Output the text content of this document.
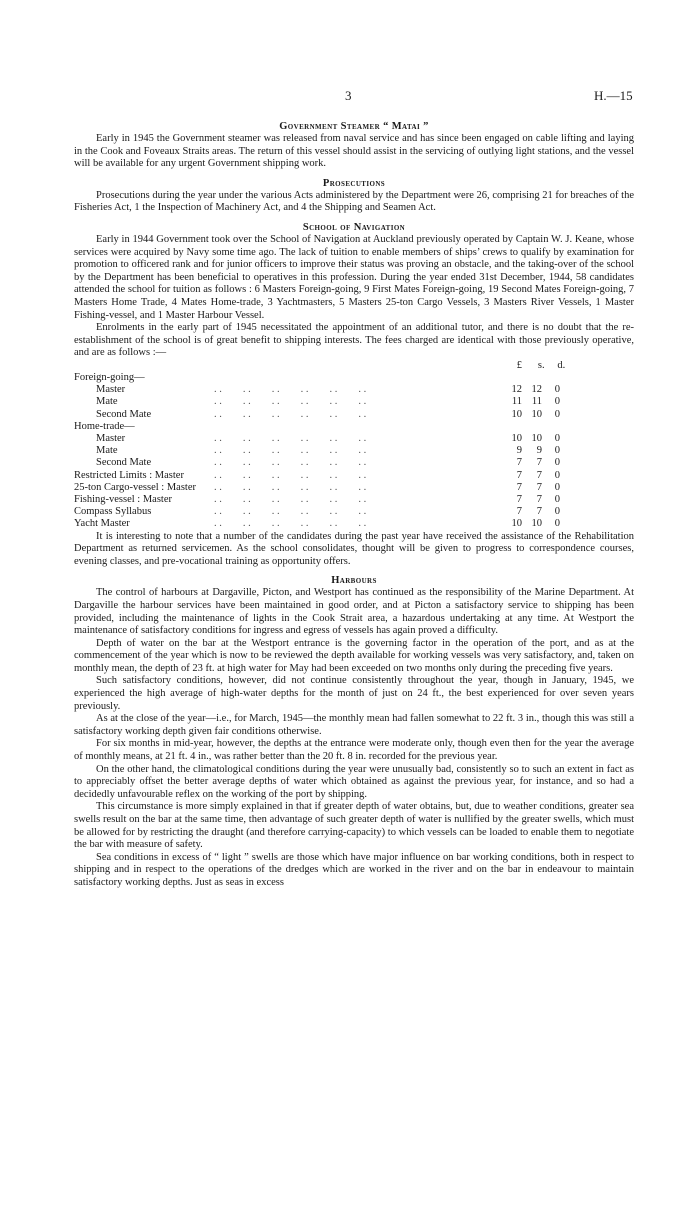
3	H.—15
Government Steamer “ Matai ”

Early in 1945 the Government steamer was released from naval service and has since been engaged on cable lifting and laying in the Cook and Foveaux Straits areas. The return of this vessel should assist in the servicing of outlying light stations, and the vessel will be available for any urgent Government shipping work.

Prosecutions

Prosecutions during the year under the various Acts administered by the Department were 26, comprising 21 for breaches of the Fisheries Act, 1 the Inspection of Machinery Act, and 4 the Shipping and Seamen Act.

School of Navigation

Early in 1944 Government took over the School of Navigation at Auckland previously operated by Captain W. J. Keane, whose services were acquired by Navy some time ago. The lack of tuition to enable members of ships’ crews to qualify by examination for promotion to officered rank and for junior officers to improve their status was proving an obstacle, and the taking-over of the school by the Department has been beneficial to operatives in this profession. During the year ended 31st December, 1944, 58 candidates attended the school for tuition as follows : 6 Masters Foreign-going, 9 First Mates Foreign-going, 19 Second Mates Foreign-going, 7 Masters Home Trade, 4 Mates Home-trade, 3 Yachtmasters, 5 Masters 25-ton Cargo Vessels, 3 Masters River Vessels, 1 Master Fishing-vessel, and 1 Master Harbour Vessel.

Enrolments in the early part of 1945 necessitated the appointment of an additional tutor, and there is no doubt that the re-establishment of the school is of great benefit to shipping interests. The fees charged are identical with those previously operative, and are as follows :—

£ s. d.
Foreign-going—
Master	. .  . .  . .  . .  . .  . .	12 12 0
Mate	. .  . .  . .  . .  . .  . .	11 11 0
Second Mate	. .  . .  . .  . .  . .  . .	10 10 0
Home-trade—
Master	. .  . .  . .  . .  . .  . .	10 10 0
Mate	. .  . .  . .  . .  . .  . .	9 9 0
Second Mate	. .  . .  . .  . .  . .  . .	7 7 0
Restricted Limits : Master	. .  . .  . .  . .  . .  . .	7 7 0
25-ton Cargo-vessel : Master . .  . .  . .  . .  . .  . .	7 7 0
Fishing-vessel : Master	. .  . .  . .  . .  . .  . .	7 7 0
Compass Syllabus	. .  . .  . .  . .  . .  . .	7 7 0
Yacht Master	. .  . .  . .  . .  . .  . .	10 10 0

It is interesting to note that a number of the candidates during the past year have received the assistance of the Rehabilitation Department as returned servicemen. As the school consolidates, thought will be given to progress to correspondence courses, evening classes, and pre-vocational training as opportunity offers.

Harbours

The control of harbours at Dargaville, Picton, and Westport has continued as the responsibility of the Marine Department. At Dargaville the harbour services have been maintained in good order, and at Picton a satisfactory service to shipping has been provided, including the maintenance of lights in the Cook Strait area, a hazardous undertaking at any time. At Westport the maintenance of satisfactory conditions for ingress and egress of vessels has again proved a difficulty.

Depth of water on the bar at the Westport entrance is the governing factor in the operation of the port, and as at the commencement of the year which is now to be reviewed the depth available for working vessels was very satisfactory, and, taken on monthly mean, the depth of 23 ft. at high water for May had been exceeded on two months only during the preceding five years.

Such satisfactory conditions, however, did not continue consistently throughout the year, though in January, 1945, we experienced the high average of high-water depths for the month of just on 24 ft., the best experienced for over seven years previously.

As at the close of the year—i.e., for March, 1945—the monthly mean had fallen somewhat to 22 ft. 3 in., though this was still a satisfactory working depth given fair conditions otherwise.

For six months in mid-year, however, the depths at the entrance were moderate only, though even then for the year the average of monthly means, at 21 ft. 4 in., was rather better than the 20 ft. 8 in. recorded for the previous year.

On the other hand, the climatological conditions during the year were unusually bad, consistently so to such an extent in fact as to appreciably offset the better average depths of water which obtained as against the previous year, for instance, and so had a decidedly unfavourable reflex on the working of the port by shipping.

This circumstance is more simply explained in that if greater depth of water obtains, but, due to weather conditions, greater sea swells result on the bar at the same time, then advantage of such greater depth of water is nullified by the greater swells, which must be allowed for by restricting the draught (and therefore carrying-capacity) to which vessels can be loaded to enable them to negotiate the bar with measure of safety.

Sea conditions in excess of “ light ” swells are those which have major influence on bar working conditions, both in respect to shipping and in respect to the operations of the dredges which are worked in the river and on the bar in endeavour to maintain satisfactory working depths. Just as seas in excess
